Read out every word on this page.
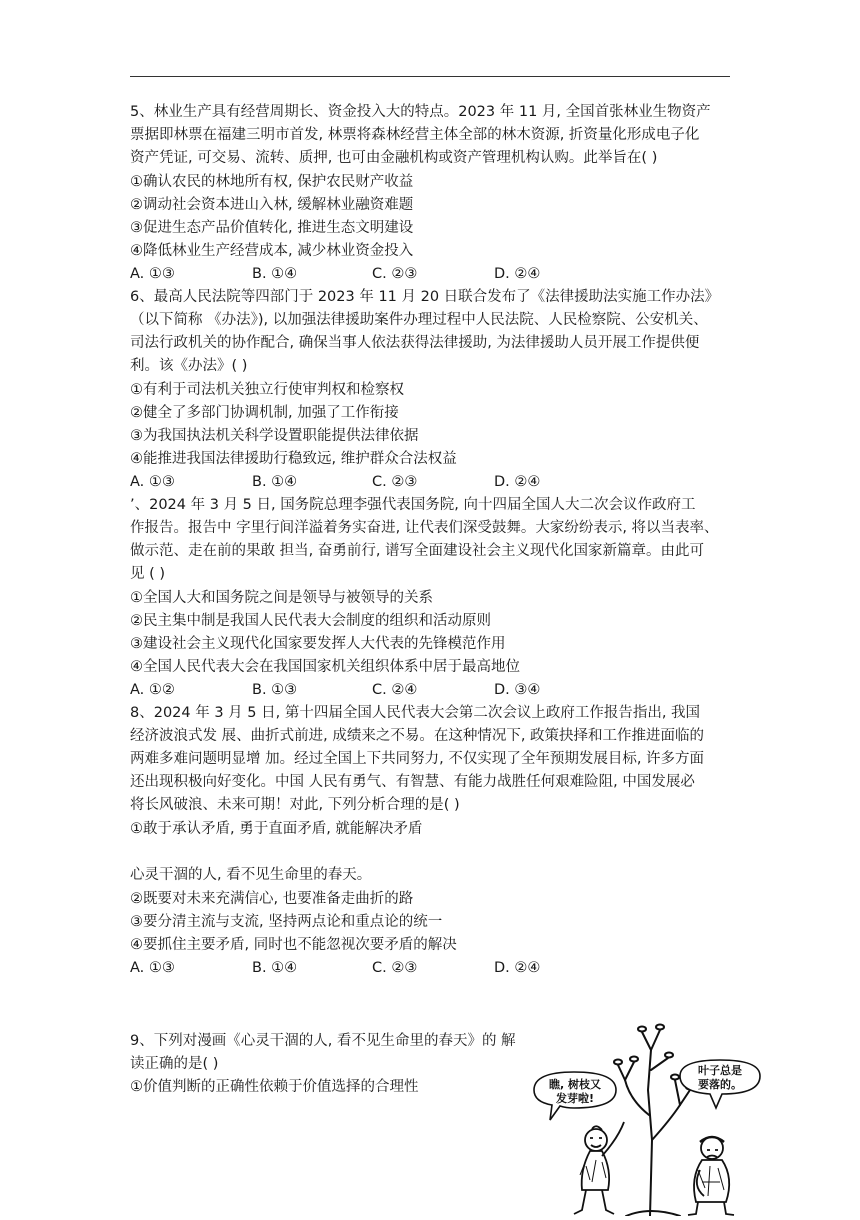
5、林业生产具有经营周期长、资金投入大的特点。2023 年 11 月, 全国首张林业生物资产
票据即林票在福建三明市首发, 林票将森林经营主体全部的林木资源, 折资量化形成电子化
资产凭证, 可交易、流转、质押, 也可由金融机构或资产管理机构认购。此举旨在( )
①确认农民的林地所有权, 保护农民财产收益
②调动社会资本进山入林, 缓解林业融资难题
③促进生态产品价值转化, 推进生态文明建设
④降低林业生产经营成本, 减少林业资金投入
A. ①③	B. ①④	C. ②③	D. ②④
6、最高人民法院等四部门于 2023 年 11 月 20 日联合发布了《法律援助法实施工作办法》
（以下简称 《办法》), 以加强法律援助案件办理过程中人民法院、人民检察院、公安机关、
司法行政机关的协作配合, 确保当事人依法获得法律援助, 为法律援助人员开展工作提供便
利。该《办法》( )
①有利于司法机关独立行使审判权和检察权
②健全了多部门协调机制, 加强了工作衔接
③为我国执法机关科学设置职能提供法律依据
④能推进我国法律援助行稳致远, 维护群众合法权益
A. ①③	B. ①④	C. ②③	D. ②④
’、2024 年 3 月 5 日, 国务院总理李强代表国务院, 向十四届全国人大二次会议作政府工
作报告。报告中 字里行间洋溢着务实奋进, 让代表们深受鼓舞。大家纷纷表示, 将以当表率、
做示范、走在前的果敢 担当, 奋勇前行, 谱写全面建设社会主义现代化国家新篇章。由此可
见 ( )
①全国人大和国务院之间是领导与被领导的关系
②民主集中制是我国人民代表大会制度的组织和活动原则
③建设社会主义现代化国家要发挥人大代表的先锋模范作用
④全国人民代表大会在我国国家机关组织体系中居于最高地位
A. ①②	B. ①③	C. ②④	D. ③④
8、2024 年 3 月 5 日, 第十四届全国人民代表大会第二次会议上政府工作报告指出, 我国
经济波浪式发 展、曲折式前进, 成绩来之不易。在这种情况下, 政策抉择和工作推进面临的
两难多难问题明显增 加。经过全国上下共同努力, 不仅实现了全年预期发展目标, 许多方面
还出现积极向好变化。中国 人民有勇气、有智慧、有能力战胜任何艰难险阻, 中国发展必
将长风破浪、未来可期！对此, 下列分析合理的是( )
①敢于承认矛盾, 勇于直面矛盾, 就能解决矛盾
心灵干涸的人, 看不见生命里的春天。
②既要对未来充满信心, 也要准备走曲折的路
③要分清主流与支流, 坚持两点论和重点论的统一
④要抓住主要矛盾, 同时也不能忽视次要矛盾的解决
A. ①③	B. ①④	C. ②③	D. ②④
9、下列对漫画《心灵干涸的人, 看不见生命里的春天》的 解
读正确的是( )
①价值判断的正确性依赖于价值选择的合理性	瞧, 树枝又
发芽啦!
叶子总是
要落的。
